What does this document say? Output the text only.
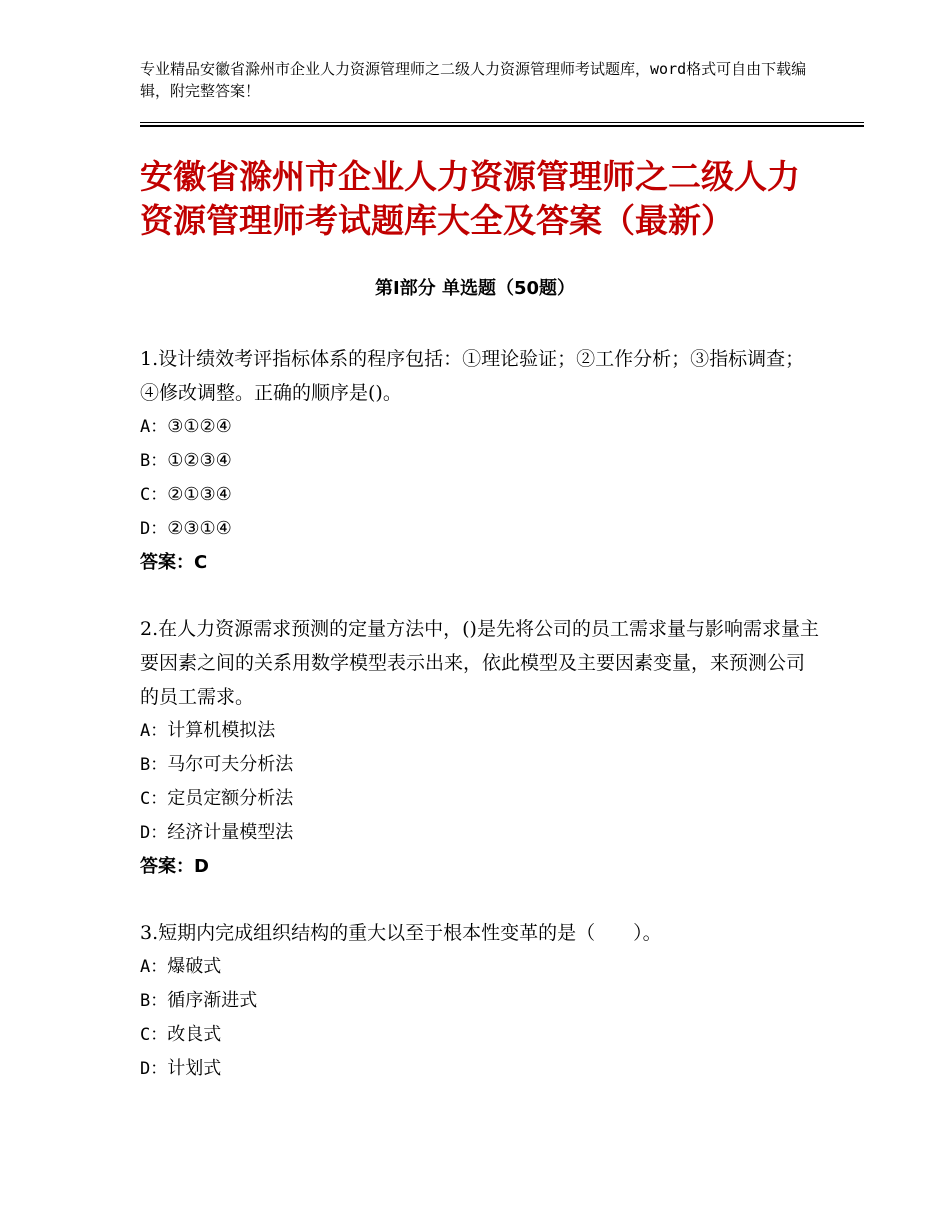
专业精品安徽省滁州市企业人力资源管理师之二级人力资源管理师考试题库，word格式可自由下载编辑，附完整答案！
安徽省滁州市企业人力资源管理师之二级人力资源管理师考试题库大全及答案（最新）
第Ⅰ部分 单选题（50题）

1.设计绩效考评指标体系的程序包括：①理论验证；②工作分析；③指标调查；④修改调整。正确的顺序是()。

A：③①②④

B：①②③④

C：②①③④

D：②③①④

答案：C

2.在人力资源需求预测的定量方法中，()是先将公司的员工需求量与影响需求量主要因素之间的关系用数学模型表示出来，依此模型及主要因素变量，来预测公司的员工需求。

A：计算机模拟法

B：马尔可夫分析法

C：定员定额分析法

D：经济计量模型法

答案：D

3.短期内完成组织结构的重大以至于根本性变革的是（　　）。

A：爆破式

B：循序渐进式

C：改良式

D：计划式
